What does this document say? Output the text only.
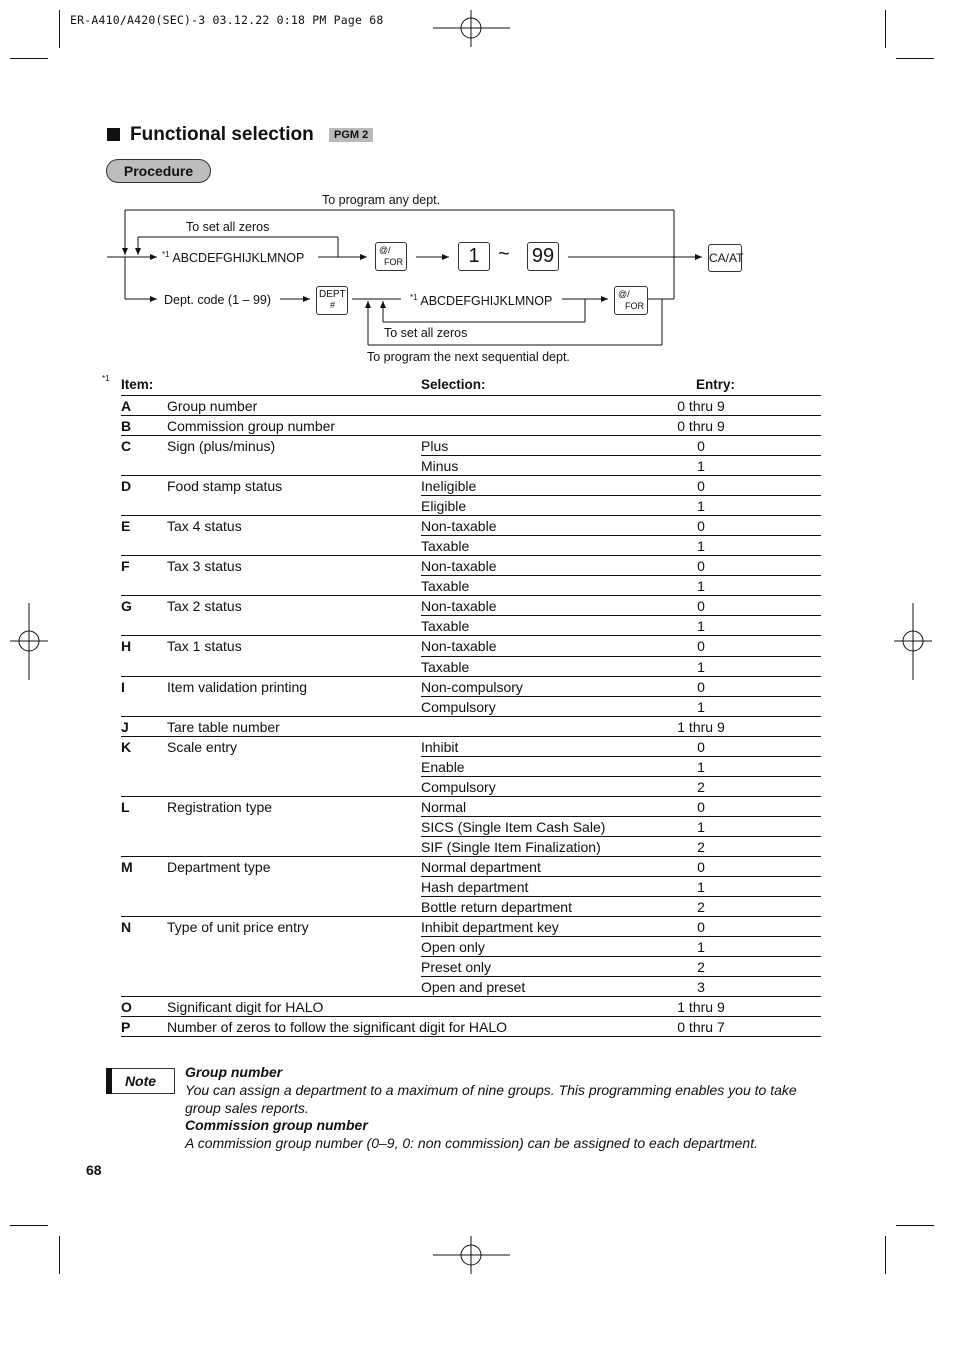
ER-A410/A420(SEC)-3 03.12.22 0:18 PM Page 68
Functional selection	PGM 2
Procedure
To program any dept.
To set all zeros
$^{*1}$ ABCDEFGHIJKLMNOP
@/
FOR	1 ~ 99	CA/AT
Dept. code (1 – 99)	DEPT
#
$^{*1}$ ABCDEFGHIJKLMNOP
@/
FOR
To set all zeros
To program the next sequential dept.
*1 Item:	Selection:	Entry:
A	Group number	0 thru 9
B	Commission group number	0 thru 9
C	Sign (plus/minus)	Plus	0
Minus	1
D	Food stamp status	Ineligible	0
Eligible	1
E	Tax 4 status	Non-taxable	0
Taxable	1
F	Tax 3 status	Non-taxable	0
Taxable	1
G	Tax 2 status	Non-taxable	0
Taxable	1
H	Tax 1 status	Non-taxable	0
Taxable	1
I	Item validation printing	Non-compulsory	0
Compulsory	1
J	Tare table number	1 thru 9
K	Scale entry	Inhibit	0
Enable	1
Compulsory	2
L	Registration type	Normal	0
SICS (Single Item Cash Sale)	1
SIF (Single Item Finalization)	2
M Department type	Normal department	0
Hash department	1
Bottle return department	2
N	Type of unit price entry	Inhibit department key	0
Open only	1
Preset only	2
Open and preset	3
O	Significant digit for HALO	1 thru 9
P	Number of zeros to follow the significant digit for HALO	0 thru 7
Note
Group number
You can assign a department to a maximum of nine groups. This programming enables you to take group sales reports.
Commission group number
A commission group number (0–9, 0: non commission) can be assigned to each department.
68
